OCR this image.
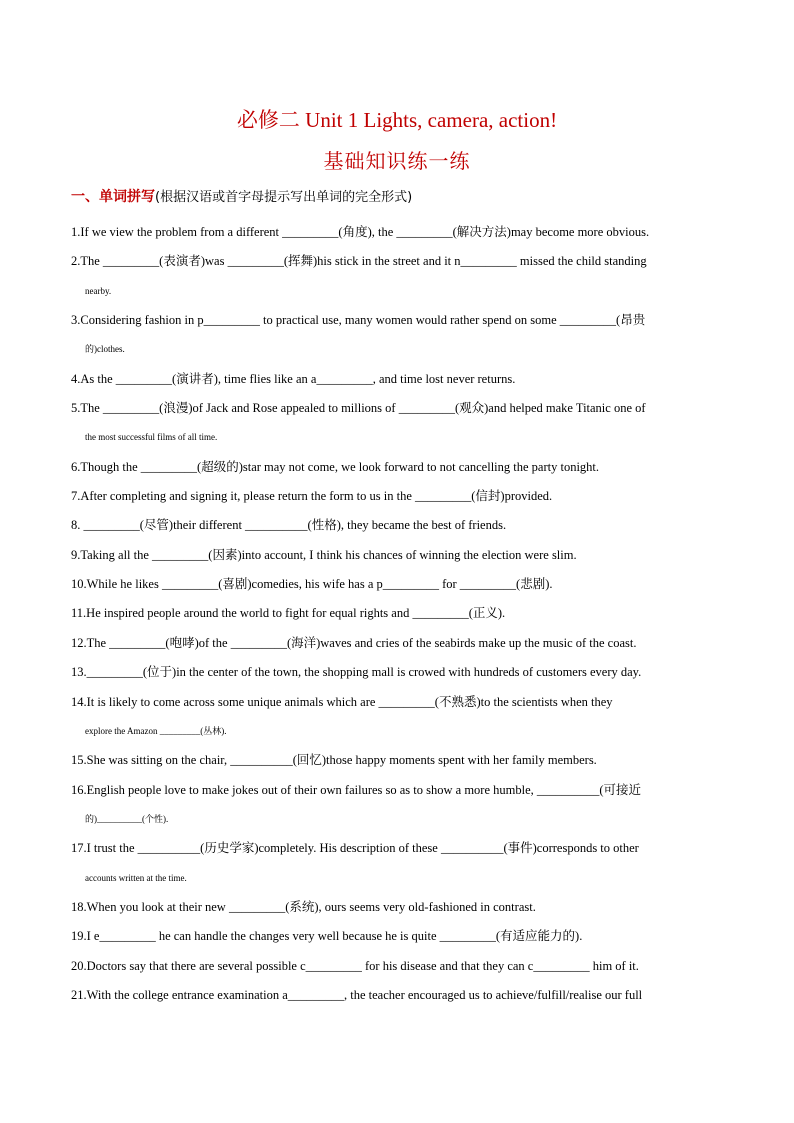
必修二 Unit 1 Lights, camera, action!
基础知识练一练
一、单词拼写(根据汉语或首字母提示写出单词的完全形式)
1.If we view the problem from a different _________(角度), the _________(解决方法)may become more obvious.
2.The _________(表演者)was _________(挥舞)his stick in the street and it n_________ missed the child standing
nearby.
3.Considering fashion in p_________ to practical use, many women would rather spend on some _________(昂贵
的)clothes.
4.As the _________(演讲者), time flies like an a_________, and time lost never returns.
5.The _________(浪漫)of Jack and Rose appealed to millions of _________(观众)and helped make Titanic one of
the most successful films of all time.
6.Though the _________(超级的)star may not come, we look forward to not cancelling the party tonight.
7.After completing and signing it, please return the form to us in the _________(信封)provided.
8. _________(尽管)their different __________(性格), they became the best of friends.
9.Taking all the _________(因素)into account, I think his chances of winning the election were slim.
10.While he likes _________(喜剧)comedies, his wife has a p_________ for _________(悲剧).
11.He inspired people around the world to fight for equal rights and _________(正义).
12.The _________(咆哮)of the _________(海洋)waves and cries of the seabirds make up the music of the coast.
13._________(位于)in the center of the town, the shopping mall is crowed with hundreds of customers every day.
14.It is likely to come across some unique animals which are _________(不熟悉)to the scientists when they
explore the Amazon _________(丛林).
15.She was sitting on the chair, __________(回忆)those happy moments spent with her family members.
16.English people love to make jokes out of their own failures so as to show a more humble, __________(可接近
的)__________(个性).
17.I trust the __________(历史学家)completely. His description of these __________(事件)corresponds to other
accounts written at the time.
18.When you look at their new _________(系统), ours seems very old-fashioned in contrast.
19.I e_________ he can handle the changes very well because he is quite _________(有适应能力的).
20.Doctors say that there are several possible c_________ for his disease and that they can c_________ him of it.
21.With the college entrance examination a_________, the teacher encouraged us to achieve/fulfill/realise our full
